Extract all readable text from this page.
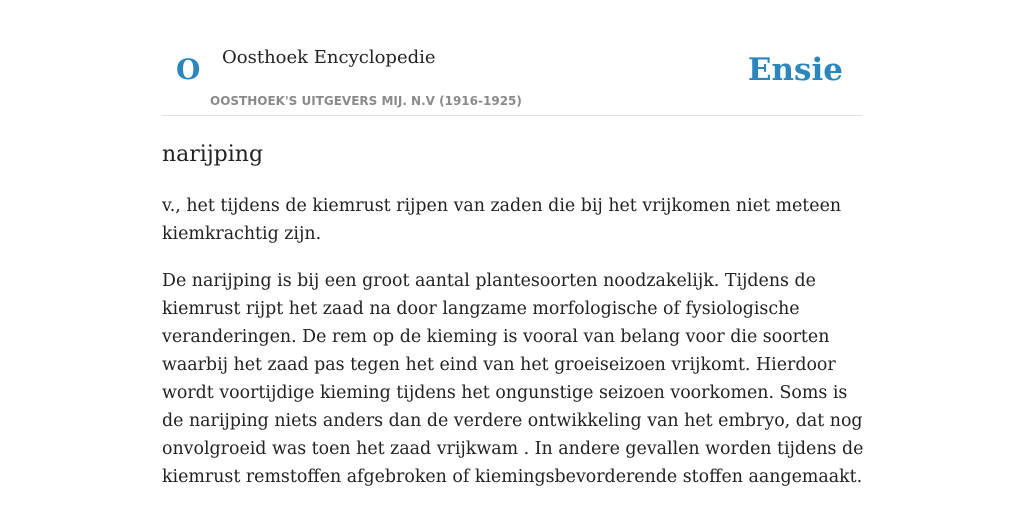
O Oosthoek Encyclopedie
OOSTHOEK'S UITGEVERS MIJ. N.V (1916-1925)
Ensie
narijping

v., het tijdens de kiemrust rijpen van zaden die bij het vrijkomen niet meteen kiemkrachtig zijn.

De narijping is bij een groot aantal plantesoorten noodzakelijk. Tijdens de kiemrust rijpt het zaad na door langzame morfologische of fysiologische veranderingen. De rem op de kieming is vooral van belang voor die soorten waarbij het zaad pas tegen het eind van het groeiseizoen vrijkomt. Hierdoor wordt voortijdige kieming tijdens het ongunstige seizoen voorkomen. Soms is de narijping niets anders dan de verdere ontwikkeling van het embryo, dat nog onvolgroeid was toen het zaad vrijkwam . In andere gevallen worden tijdens de kiemrust remstoffen afgebroken of kiemingsbevorderende stoffen aangemaakt.
